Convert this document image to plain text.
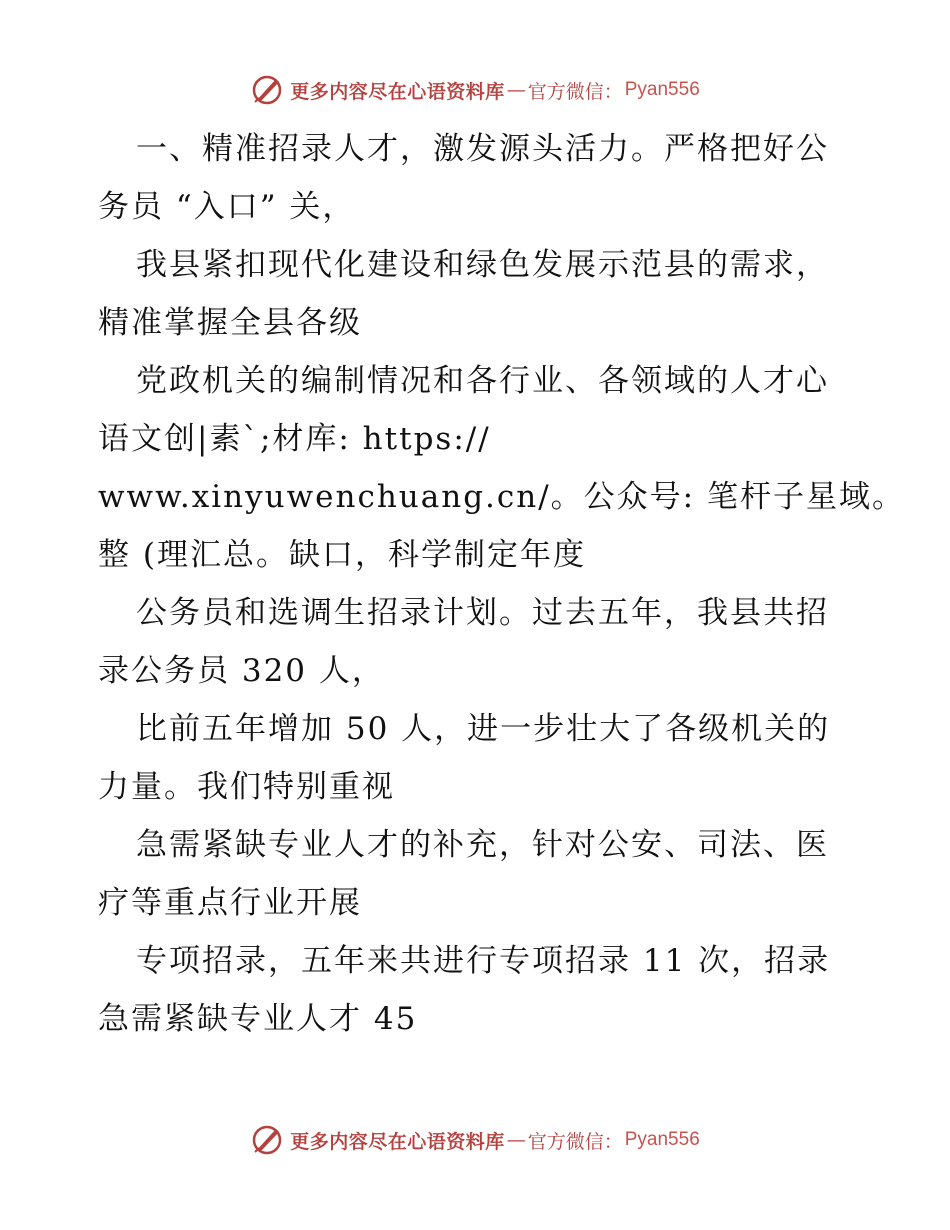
更多内容尽在心语资料库 — 官方微信： Pyan556
一、精准招录人才，激发源头活力。严格把好公
务员 “入口” 关，
我县紧扣现代化建设和绿色发展示范县的需求，
精准掌握全县各级
党政机关的编制情况和各行业、各领域的人才心
语文创|素`;材库: https://
www.xinyuwenchuang.cn/。公众号: 笔杆子星域。
整 (理汇总。缺口，科学制定年度
公务员和选调生招录计划。过去五年，我县共招
录公务员 320 人，
比前五年增加 50 人，进一步壮大了各级机关的
力量。我们特别重视
急需紧缺专业人才的补充，针对公安、司法、医
疗等重点行业开展
专项招录，五年来共进行专项招录 11 次，招录
急需紧缺专业人才 45
更多内容尽在心语资料库 — 官方微信： Pyan556
